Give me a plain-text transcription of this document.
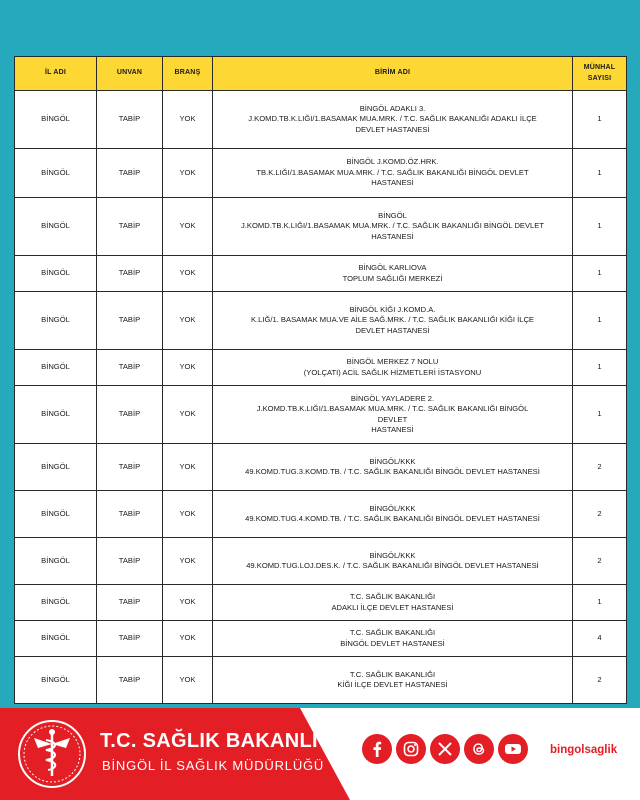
İL ADI	UNVAN	BRANŞ	BİRİM ADI	MÜNHAL
SAYISI
BİNGÖL	TABİP	YOK	BİNGÖL ADAKLI 3.
J.KOMD.TB.K.LIĞI/1.BASAMAK MUA.MRK. / T.C. SAĞLIK BAKANLIĞI ADAKLI İLÇE
DEVLET HASTANESİ	1
BİNGÖL	TABİP	YOK	BİNGÖL J.KOMD.ÖZ.HRK.
TB.K.LIĞI/1.BASAMAK MUA.MRK. / T.C. SAĞLIK BAKANLIĞI BİNGÖL DEVLET
HASTANESİ	1
BİNGÖL	TABİP	YOK	BİNGÖL
J.KOMD.TB.K.LIĞI/1.BASAMAK MUA.MRK. / T.C. SAĞLIK BAKANLIĞI BİNGÖL DEVLET
HASTANESİ	1
BİNGÖL	TABİP	YOK	BİNGÖL KARLIOVA
TOPLUM SAĞLIĞI MERKEZİ	1
BİNGÖL	TABİP	YOK	BİNGÖL KİĞI J.KOMD.A.
K.LIĞ/1. BASAMAK MUA.VE AİLE SAĞ.MRK. / T.C. SAĞLIK BAKANLIĞI KİĞI İLÇE
DEVLET HASTANESİ	1
BİNGÖL	TABİP	YOK	BİNGÖL MERKEZ 7 NOLU
(YOLÇATI) ACİL SAĞLIK HİZMETLERİ İSTASYONU	1
BİNGÖL	TABİP	YOK	BİNGÖL YAYLADERE 2.
J.KOMD.TB.K.LIĞI/1.BASAMAK MUA.MRK. / T.C. SAĞLIK BAKANLIĞI BİNGÖL
DEVLET
HASTANESİ	1
BİNGÖL	TABİP	YOK	BİNGÖL/KKK
49.KOMD.TUG.3.KOMD.TB. / T.C. SAĞLIK BAKANLIĞI BİNGÖL DEVLET HASTANESİ	2
BİNGÖL	TABİP	YOK	BİNGÖL/KKK
49.KOMD.TUG.4.KOMD.TB. / T.C. SAĞLIK BAKANLIĞI BİNGÖL DEVLET HASTANESİ	2
BİNGÖL	TABİP	YOK	BİNGÖL/KKK
49.KOMD.TUG.LOJ.DES.K. / T.C. SAĞLIK BAKANLIĞI BİNGÖL DEVLET HASTANESİ	2
BİNGÖL	TABİP	YOK	T.C. SAĞLIK BAKANLIĞI
ADAKLI İLÇE DEVLET HASTANESİ	1
BİNGÖL	TABİP	YOK	T.C. SAĞLIK BAKANLIĞI
BİNGÖL DEVLET HASTANESİ	4
BİNGÖL	TABİP	YOK	T.C. SAĞLIK BAKANLIĞI
KİĞI İLÇE DEVLET HASTANESİ	2
T.C. SAĞLIK BAKANLIĞI
BİNGÖL İL SAĞLIK MÜDÜRLÜĞÜ
bingolsaglik
